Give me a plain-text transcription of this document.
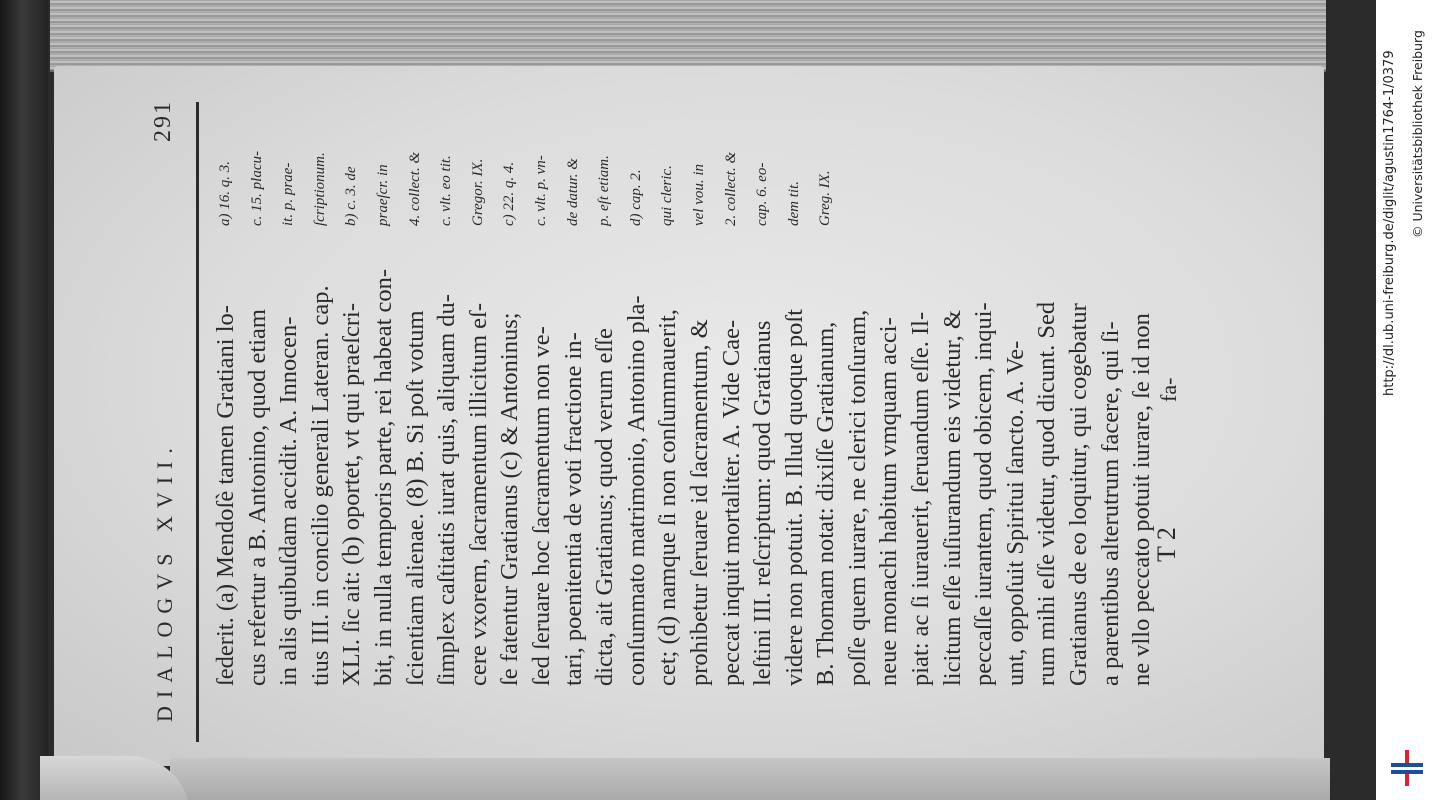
DIALOGVS XVII.
291
ſederit. (a) Mendoſè tamen Gratiani lo- cus refertur a B. Antonino, quod etiam in alis quibuſdam accidit. A. Innocen- tius III. in concilio generali Lateran. cap. XLI. ſic ait: (b) oportet, vt qui praeſcri- bit, in nulla temporis parte, rei habeat con- ſcientiam alienae. (8) B. Si poſt votum ſimplex caſtitatis iurat quis, aliquam du- cere vxorem, ſacramentum illicitum eſ- ſe fatentur Gratianus (c) & Antoninus; ſed ſeruare hoc ſacramentum non ve- tari, poenitentia de voti fractione in- dicta, ait Gratianus; quod verum eſſe conſummato matrimonio, Antonino pla- cet; (d) namque ſi non conſummauerit, prohibetur ſeruare id ſacramentum, & peccat inquit mortaliter. A. Vide Cae- leſtini III. reſcriptum: quod Gratianus videre non potuit. B. Illud quoque poſt B. Thomam notat: dixiſſe Gratianum, poſſe quem iurare, ne clerici tonſuram, neue monachi habitum vmquam acci- piat: ac ſi iurauerit, ſeruandum eſſe. Il- licitum eſſe iuſiurandum eis videtur, & peccaſſe iurantem, quod obicem, inqui- unt, oppoſuit Spiritui ſancto. A. Ve- rum mihi eſſe videtur, quod dicunt. Sed Gratianus de eo loquitur, qui cogebatur a parentibus alterutrum facere, qui ſi- ne vllo peccato potuit iurare, ſe id non
a) 16. q. 3.	c. 15. placu-	it. p. prae-	ſcriptionum.	b) c. 3. de	praeſcr. in	4. collect. &	c. vlt. eo tit.	Gregor. IX.	c) 22. q. 4.	c. vlt. p. vn-	de datur. &	p. eſt etiam.	d) cap. 2.	qui cleric.	vel vou. in	2. collect. &	cap. 6. eo-	dem tit.	Greg. IX.
T 2
fa-	http://dl.ub.uni-freiburg.de/diglit/agustin1764-1/0379 © Universitätsbibliothek Freiburg
